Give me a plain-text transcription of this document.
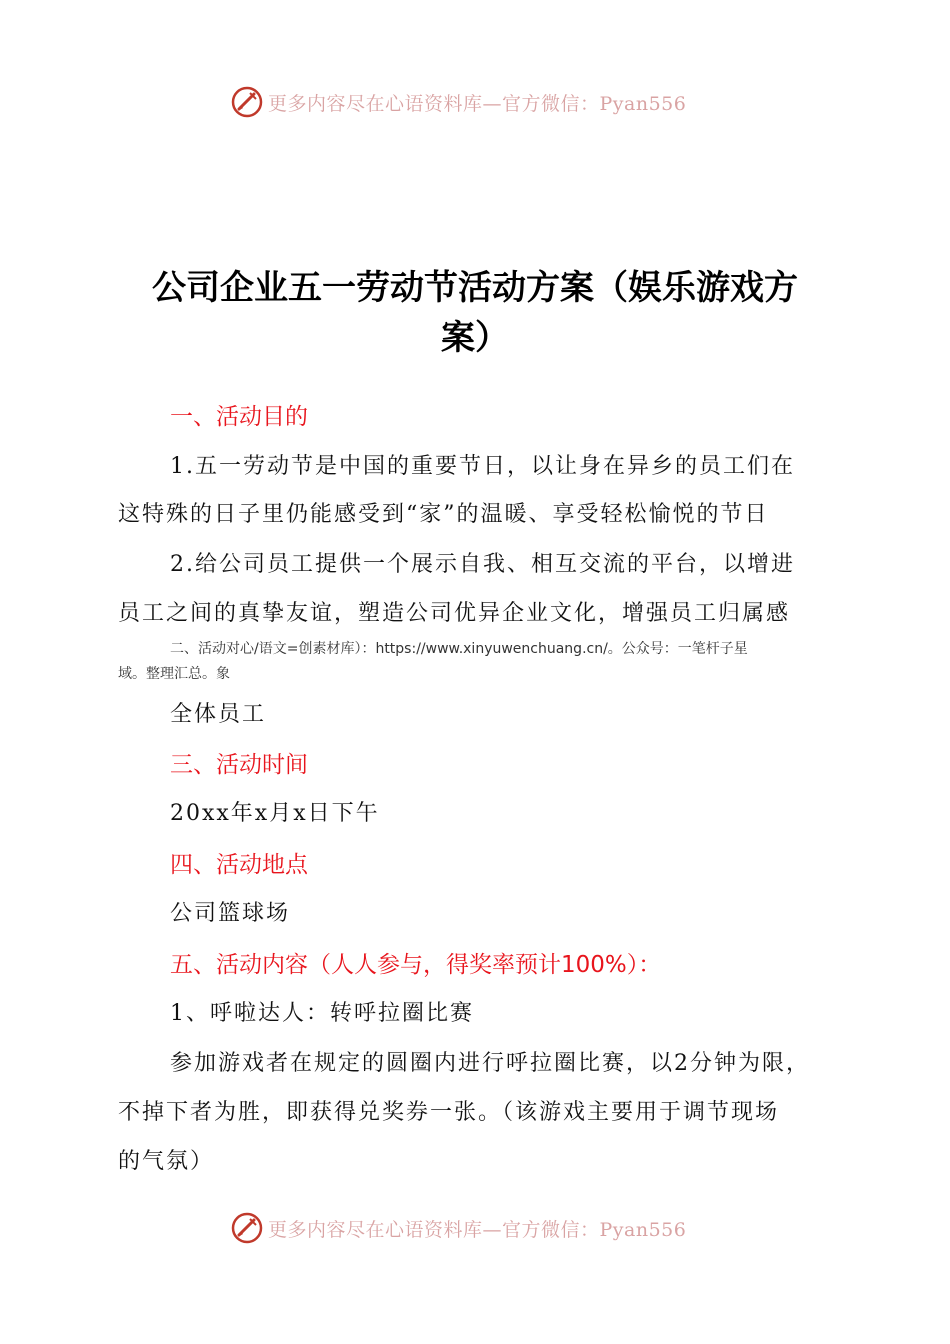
更多内容尽在心语资料库—官方微信：Pyan556
公司企业五一劳动节活动方案（娱乐游戏方
案）
一、活动目的
1.五一劳动节是中国的重要节日，以让身在异乡的员工们在
这特殊的日子里仍能感受到“家”的温暖、享受轻松愉悦的节日
2.给公司员工提供一个展示自我、相互交流的平台，以增进
员工之间的真挚友谊，塑造公司优异企业文化，增强员工归属感
二、活动对心/语文=创素材库）：https://www.xinyuwenchuang.cn/。公众号：一笔杆子星
域。整理汇总。象
全体员工
三、活动时间
20xx年x月x日下午
四、活动地点
公司篮球场
五、活动内容（人人参与，得奖率预计100%）：
1、呼啦达人：转呼拉圈比赛
参加游戏者在规定的圆圈内进行呼拉圈比赛，以2分钟为限，
不掉下者为胜，即获得兑奖券一张。（该游戏主要用于调节现场
的气氛）
更多内容尽在心语资料库—官方微信：Pyan556
